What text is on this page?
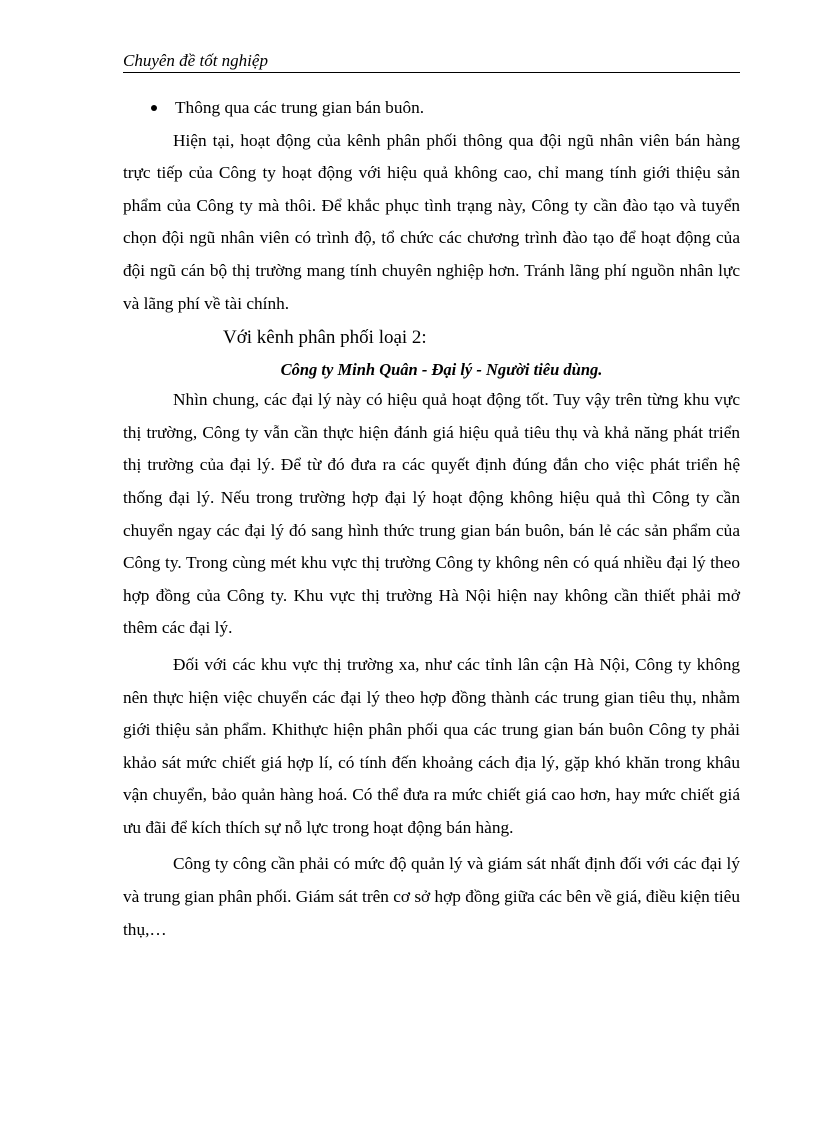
Chuyên đề tốt nghiệp

Thông qua các trung gian bán buôn.

Hiện tại, hoạt động của kênh phân phối thông qua đội ngũ nhân viên bán hàng trực tiếp của Công ty hoạt động với hiệu quả không cao, chỉ mang tính giới thiệu sản phẩm của Công ty mà thôi. Để khắc phục tình trạng này, Công ty cần đào tạo và tuyển chọn đội ngũ nhân viên có trình độ, tổ chức các chương trình đào tạo để hoạt động của đội ngũ cán bộ thị trường mang tính chuyên nghiệp hơn. Tránh lãng phí nguồn nhân lực và lãng phí về tài chính.

Với kênh phân phối loại 2:

Công ty Minh Quân - Đại lý - Người tiêu dùng.

Nhìn chung, các đại lý này có hiệu quả hoạt động tốt. Tuy vậy trên từng khu vực thị trường, Công ty vẫn cần thực hiện đánh giá hiệu quả tiêu thụ và khả năng phát triển thị trường của đại lý. Để từ đó đưa ra các quyết định đúng đắn cho việc phát triển hệ thống đại lý. Nếu trong trường hợp đại lý hoạt động không hiệu quả thì Công ty cần chuyển ngay các đại lý đó sang hình thức trung gian bán buôn, bán lẻ các sản phẩm của Công ty. Trong cùng mét khu vực thị trường Công ty không nên có quá nhiều đại lý theo hợp đồng của Công ty. Khu vực thị trường Hà Nội hiện nay không cần thiết phải mở thêm các đại lý.

Đối với các khu vực thị trường xa, như các tỉnh lân cận Hà Nội, Công ty không nên thực hiện việc chuyển các đại lý theo hợp đồng thành các trung gian tiêu thụ, nhằm giới thiệu sản phẩm. Khithực hiện phân phối qua các trung gian bán buôn Công ty phải khảo sát mức chiết giá hợp lí, có tính đến khoảng cách địa lý, gặp khó khăn trong khâu vận chuyển, bảo quản hàng hoá. Có thể đưa ra mức chiết giá cao hơn, hay mức chiết giá ưu đãi để kích thích sự nỗ lực trong hoạt động bán hàng.

Công ty công cần phải có mức độ quản lý và giám sát nhất định đối với các đại lý và trung gian phân phối. Giám sát trên cơ sở hợp đồng giữa các bên về giá, điều kiện tiêu thụ,…
